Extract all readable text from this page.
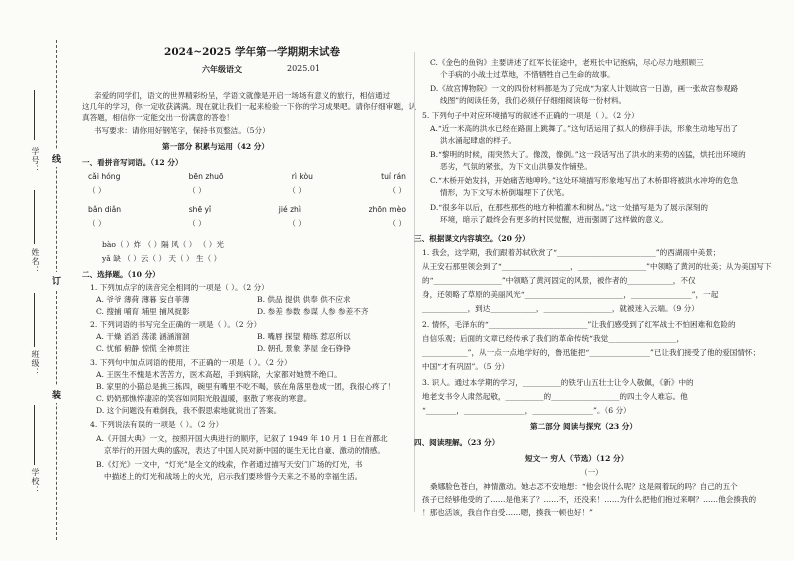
学号：
姓名：
班级：
学校：
线
订
装
2024~2025 学年第一学期期末试卷
六年级语文	2025.01
亲爱的同学们，语文的世界精彩纷呈，学语文就像是开启一场场有意义的旅行，相信通过
这几年的学习，你一定收获满满。现在就让我们一起来检验一下你的学习成果吧。请你仔细审题，认
真答题，相信你一定能交出一份满意的答卷！
书写要求：请你用好钢笔字，保持书页整洁。（5分）
第一部分 积累与运用（42 分）
一、看拼音写词语。（12 分）
cǎi hóng	bēn zhuō	rì kòu	tuí rán
（ ）	（ ）	（ ）	（ ）
bǎn diǎn	shē yǐ	jié zhì	zhōn mèo
（ ）	（ ）	（ ）	（ ）
bào（ ）炸 （ ）隔 风（ ） （ ）光
yǎ 缺 （ ）云（ ） 天（ ） 生（ ）
二、选择题。（10 分）
1. 下列加点字的读音完全相同的一项是（ ）。（2 分）
A. 爷爷 薄荷 薄暮 妄自菲薄	B. 供品 提供 供奉 供不应求
C. 搜捕 哺育 埔里 捕风捉影	D. 参差 参数 参谋 人参 参差不齐
2. 下列词语的书写完全正确的一项是（ ）。（2 分）
A. 干燥 滔滔 荡漾 涵涵溜溜	B. 嘴唇 探望 精练 惹忍所以
C. 忧郁 俯静 惊慌 全神贯注	D. 朝孔 景象 茅屋 金石铮铮
3. 下列句中加点词语的使用，不正确的一项是（ ）。（2 分）
A. 王医生不愧是术苦苦方，医术高超，手到病除，大家都对她赞不绝口。
B. 家里的小猫总是挑三拣四，碗里有嘴里不吃不喝，骇在角落里卷成一团，我很心疼了！
C. 奶奶那憔悴凄凉的笑容如同阳光般温暖，驱散了寒夜的寒意。
D. 这个问题没有难倒我，我不假思索地就说出了答案。
4. 下列说法有误的一项是（ ）。（2 分）
A.《开国大典》一文，按照开国大典进行的顺序，记叙了 1949 年 10 月 1 日在首都北
京举行的开国大典的盛况，表达了中国人民对新中国的诞生无比自豪、激动的情感。
B.《灯光》一文中，“灯光”是全文的线索，作者通过描写天安门广场的灯光，书
中描述上的灯光和战场上的火光，启示我们要珍惜今天来之不易的幸福生活。
C.《金色的鱼钩》主要讲述了红军长征途中，老班长中记抱病，尽心尽力地照顾三
个手病的小战士过草地，不惜牺牲自己生命的故事。
D.《故宫博物院》一文的四份材料都是为了完成“为家人计划故宫一日游，画一张故宫参观路
线图”的阅读任务，我们必须仔仔细细阅读每一份材料。
5. 下列句子中对应环境描写的叙述不正确的一项是（ ）。（2 分）
A.“近一米高的洪水已经在路面上跳舞了。”这句话运用了拟人的修辞手法，形象生动地写出了
洪水涌起肆虐的样子。
B.“黎明的时候，雨突然大了。像泼，像倒。”这一段话写出了洪水的来势的凶猛，烘托出环境的
恶劣，气氛的紧张，为下文山洪暴发作铺垫。
C.“木桥开始发抖，开始痛苦地呻吟。”这处环境描写形象地写出了木桥即将被洪水冲垮的危急
情形，为下文写木桥倒塌埋下了伏笔。
D.“很多年以后，在那些那些的地方种植灌木和树丛。”这一处描写是为了展示深刻的
环境，暗示了最终会有更多的村民觉醒，进而强调了这样做的意义。
三、根据课文内容填空。（20 分）
1. 我会，这学期，我们跟着苏轼欣赏了“__________________________”的西湖雨中美景；
从王安石那里领会到了“__________________，__________________”中领略了黄河的壮美；从为美国写下
的“__________________”中领略了黄河固定的风景，被作者的____________，不仅
身，还领略了草原的美丽风光“__________________________，________________”，一起
____________，到达____________，__________________，就被迷入云端。（9 分）
2. 情怀，毛泽东的“__________________________”让我们感受到了红军战士不怕困难和危险的
自信乐观；后面的文章已经传承了我们的革命传统“我觉__________________，
____________”，从一点一点地学好的，鲁迅能把“________________”已让我们接受了他的爱国情怀；
中国“才有巩固”。（5 分）
3. 识人。通过本学期的学习，__________的铁牙山五壮士让令人敬佩，《新》中的
地老支书令人肃然起敬，__________的__________________的四土令人难忘。他
“________，________________，________________”。（6 分）
第二部分 阅读与探究（23 分）
四、阅读理解。（23 分）
短文一 穷人（节选）（12 分）
（一）
桑娜脸色苍白，神情激动。她忐忑不安地想：“他会说什么呢？这是闹着玩的吗？自己的五个
孩子已经够他受的了……是他来了？……不，还没来！……为什么把他们抱过来啊？……他会揍我的
！那也活该，我自作自受……嗯，揍我一顿也好！”
